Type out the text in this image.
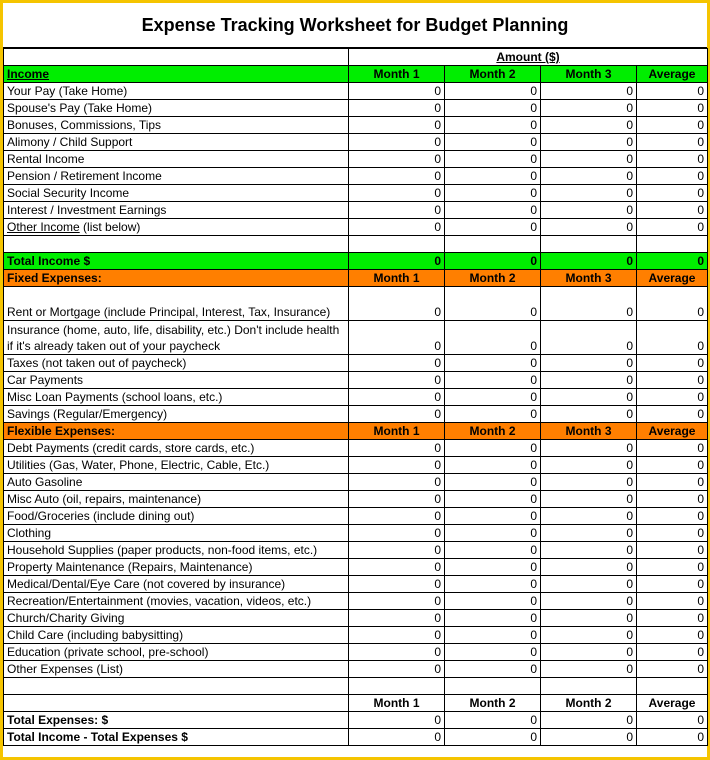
Expense Tracking Worksheet for Budget Planning
	Amount ($)			
Income	Month 1	Month 2	Month 3	Average
Your Pay (Take Home)	0	0	0	0
Spouse's Pay (Take Home)	0	0	0	0
Bonuses, Commissions, Tips	0	0	0	0
Alimony / Child Support	0	0	0	0
Rental Income	0	0	0	0
Pension / Retirement Income	0	0	0	0
Social Security Income	0	0	0	0
Interest / Investment Earnings	0	0	0	0
Other Income (list below)	0	0	0	0

Total Income $	0	0	0	0
Fixed Expenses:	Month 1	Month 2	Month 3	Average
Rent or Mortgage (include Principal, Interest, Tax, Insurance)	0	0	0	0
Insurance (home, auto, life, disability, etc.) Don't include health if it's already taken out of your paycheck	0	0	0	0
Taxes (not taken out of paycheck)	0	0	0	0
Car Payments	0	0	0	0
Misc Loan Payments (school loans, etc.)	0	0	0	0
Savings (Regular/Emergency)	0	0	0	0
Flexible Expenses:	Month 1	Month 2	Month 3	Average
Debt Payments (credit cards, store cards, etc.)	0	0	0	0
Utilities (Gas, Water, Phone, Electric, Cable, Etc.)	0	0	0	0
Auto Gasoline	0	0	0	0
Misc Auto (oil, repairs, maintenance)	0	0	0	0
Food/Groceries (include dining out)	0	0	0	0
Clothing	0	0	0	0
Household Supplies (paper products, non-food items, etc.)	0	0	0	0
Property Maintenance (Repairs, Maintenance)	0	0	0	0
Medical/Dental/Eye Care (not covered by insurance)	0	0	0	0
Recreation/Entertainment (movies, vacation, videos, etc.)	0	0	0	0
Church/Charity Giving	0	0	0	0
Child Care (including babysitting)	0	0	0	0
Education (private school, pre-school)	0	0	0	0
Other Expenses (List)	0	0	0	0

	Month 1	Month 2	Month 2	Average
Total Expenses: $	0	0	0	0
Total Income - Total Expenses $	0	0	0	0
